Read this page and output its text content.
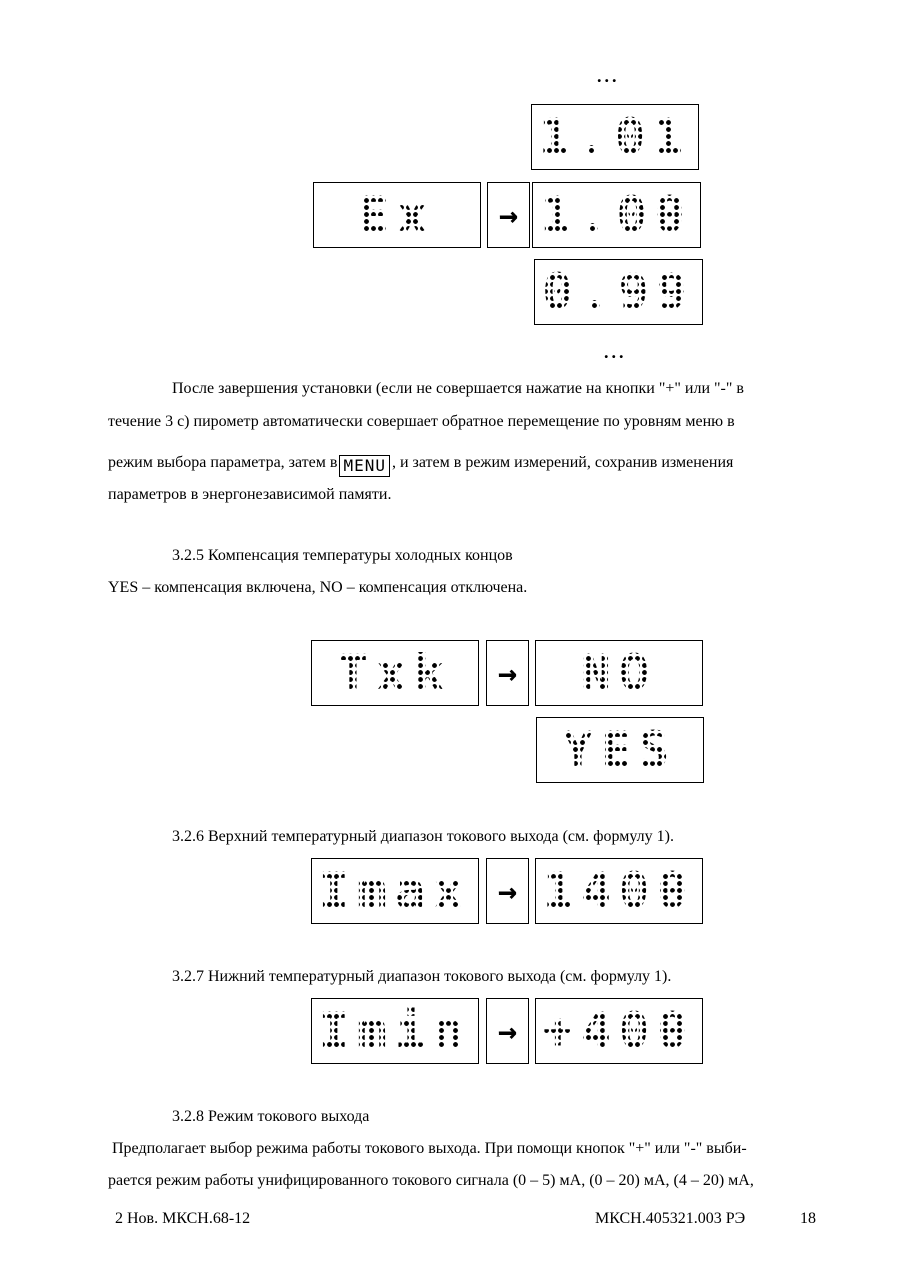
...
1.01
Ex	→ 1.00
0.99
...
После завершения установки (если не совершается нажатие на кнопки "+" или "-" в
течение 3 с) пирометр автоматически совершает обратное перемещение по уровням меню в
режим выбора параметра, затем в MENU , и затем в режим измерений, сохранив изменения
параметров в энергонезависимой памяти.
3.2.5 Компенсация температуры холодных концов
YES – компенсация включена, NO – компенсация отключена.
Txk	→	NO
YES
3.2.6 Верхний температурный диапазон токового выхода (см. формулу 1).
Imax → 1400
3.2.7 Нижний температурный диапазон токового выхода (см. формулу 1).
Imin → +400
3.2.8 Режим токового выхода
Предполагает выбор режима работы токового выхода. При помощи кнопок "+" или "-" выби-
рается режим работы унифицированного токового сигнала (0 – 5) мА, (0 – 20) мА, (4 – 20) мА,
2 Нов. МКСН.68-12	МКСН.405321.003 РЭ	18
